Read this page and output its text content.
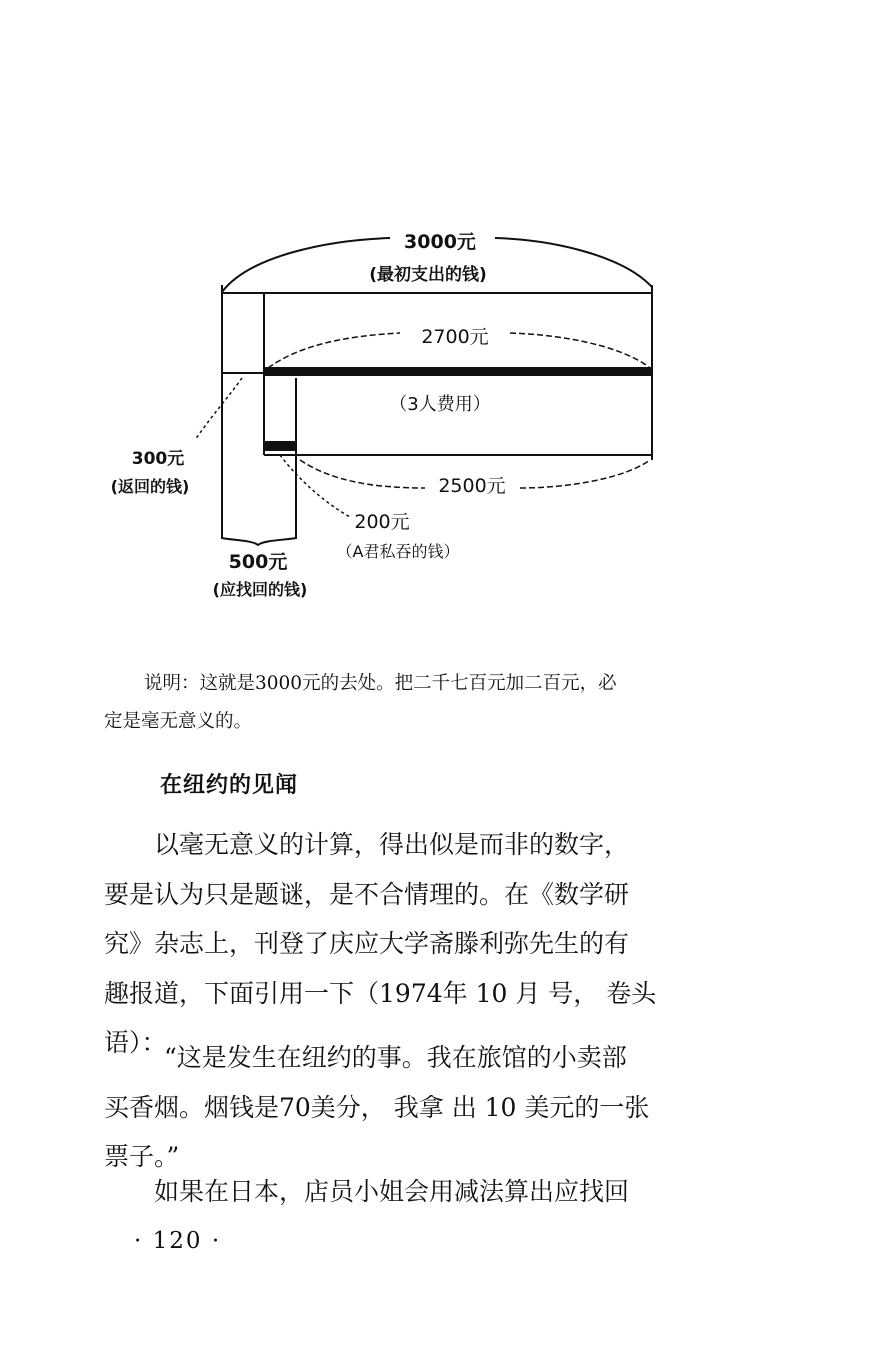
3000元
(最初支出的钱)
2700元
（3人费用）
2500元
300元
(返回的钱)
200元
（A君私吞的钱）
500元
(应找回的钱)
说明：这就是3000元的去处。把二千七百元加二百元，必
定是毫无意义的。
在纽约的见闻
以毫无意义的计算，得出似是而非的数字，
要是认为只是题谜，是不合情理的。在《数学研
究》杂志上，刊登了庆应大学斋滕利弥先生的有
趣报道，下面引用一下（1974年 10 月 号， 卷头
语）：
“这是发生在纽约的事。我在旅馆的小卖部
买香烟。烟钱是70美分， 我拿 出 10 美元的一张
票子。”
如果在日本，店员小姐会用减法算出应找回
· 120 ·
